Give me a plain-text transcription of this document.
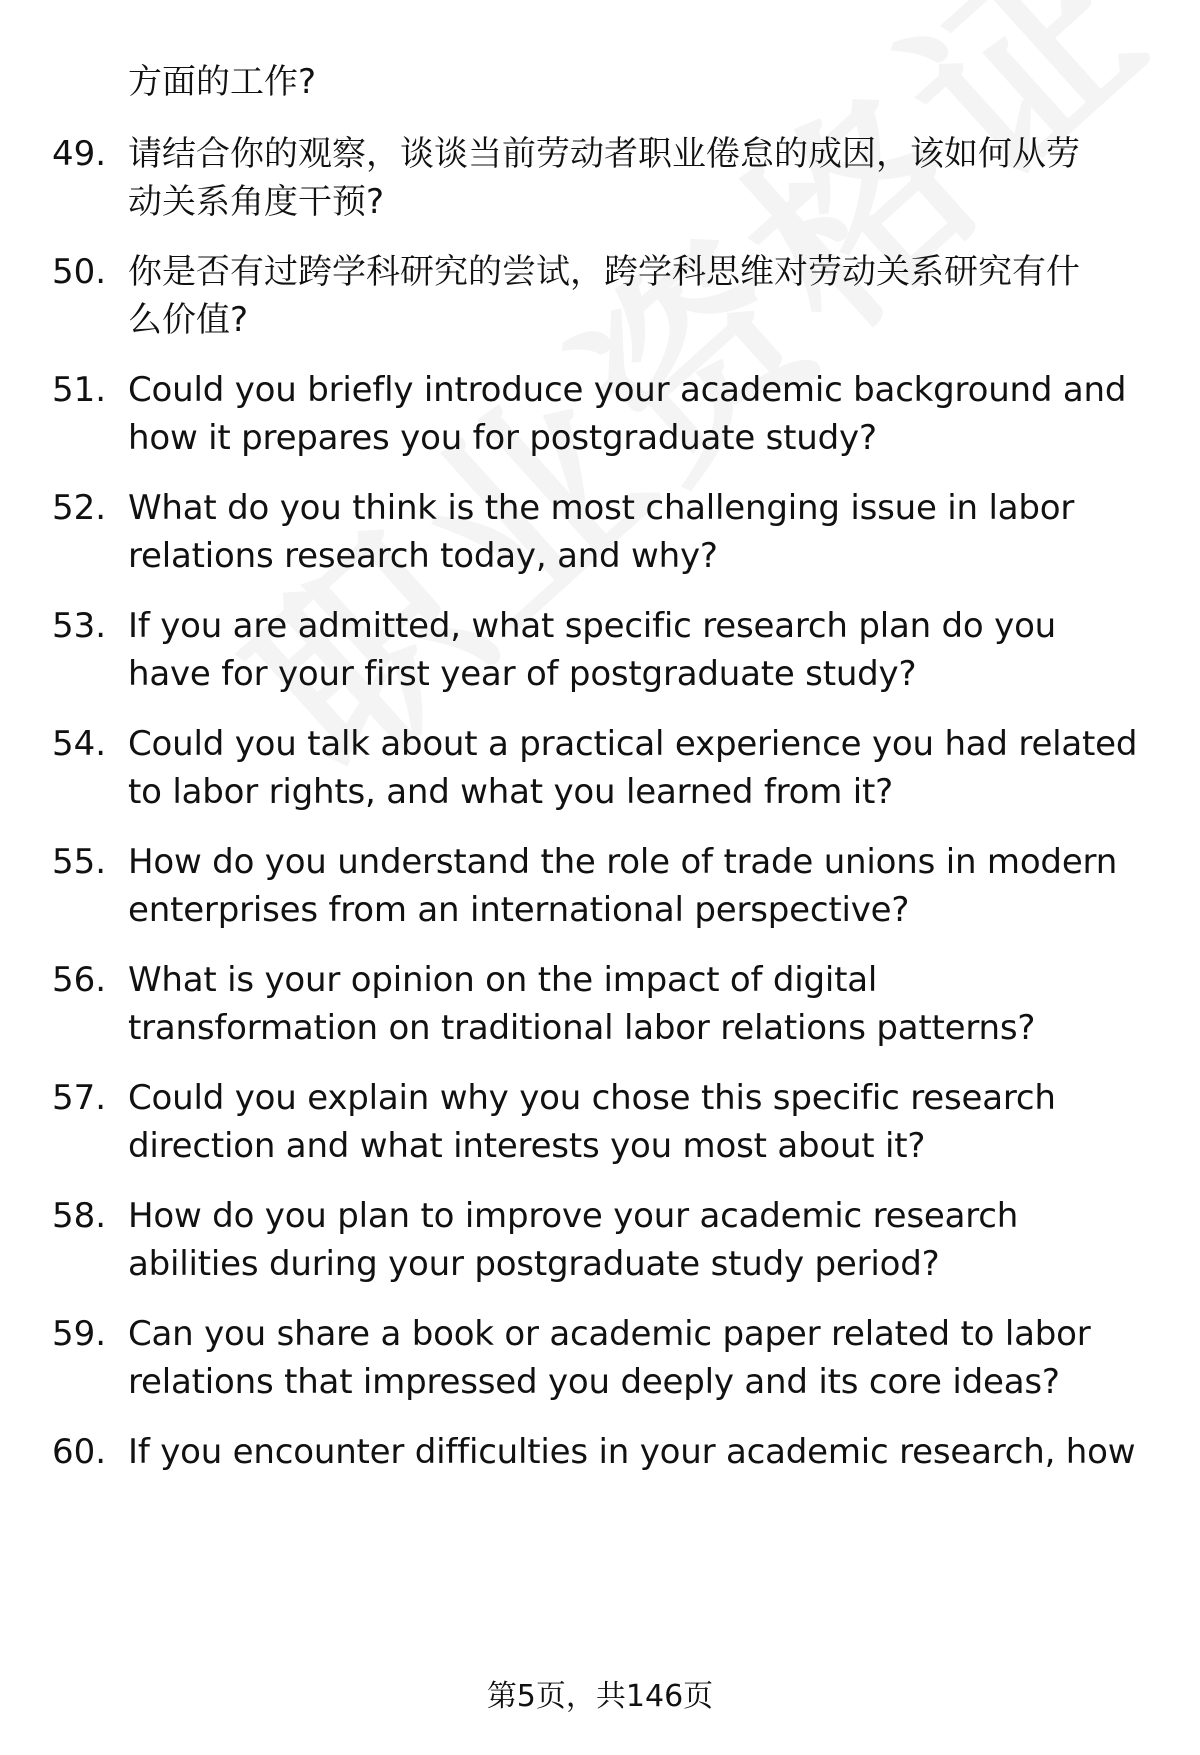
方面的工作?
49. 请结合你的观察，谈谈当前劳动者职业倦怠的成因，该如何从劳
动关系角度干预?
50. 你是否有过跨学科研究的尝试，跨学科思维对劳动关系研究有什
么价值?
51. Could you briefly introduce your academic background and
how it prepares you for postgraduate study?
52. What do you think is the most challenging issue in labor
relations research today, and why?
53. If you are admitted, what specific research plan do you
have for your first year of postgraduate study?
54. Could you talk about a practical experience you had related
to labor rights, and what you learned from it?
55. How do you understand the role of trade unions in modern
enterprises from an international perspective?
56. What is your opinion on the impact of digital
transformation on traditional labor relations patterns?
57. Could you explain why you chose this specific research
direction and what interests you most about it?
58. How do you plan to improve your academic research
abilities during your postgraduate study period?
59. Can you share a book or academic paper related to labor
relations that impressed you deeply and its core ideas?
60. If you encounter difficulties in your academic research, how
第5页，共146页
